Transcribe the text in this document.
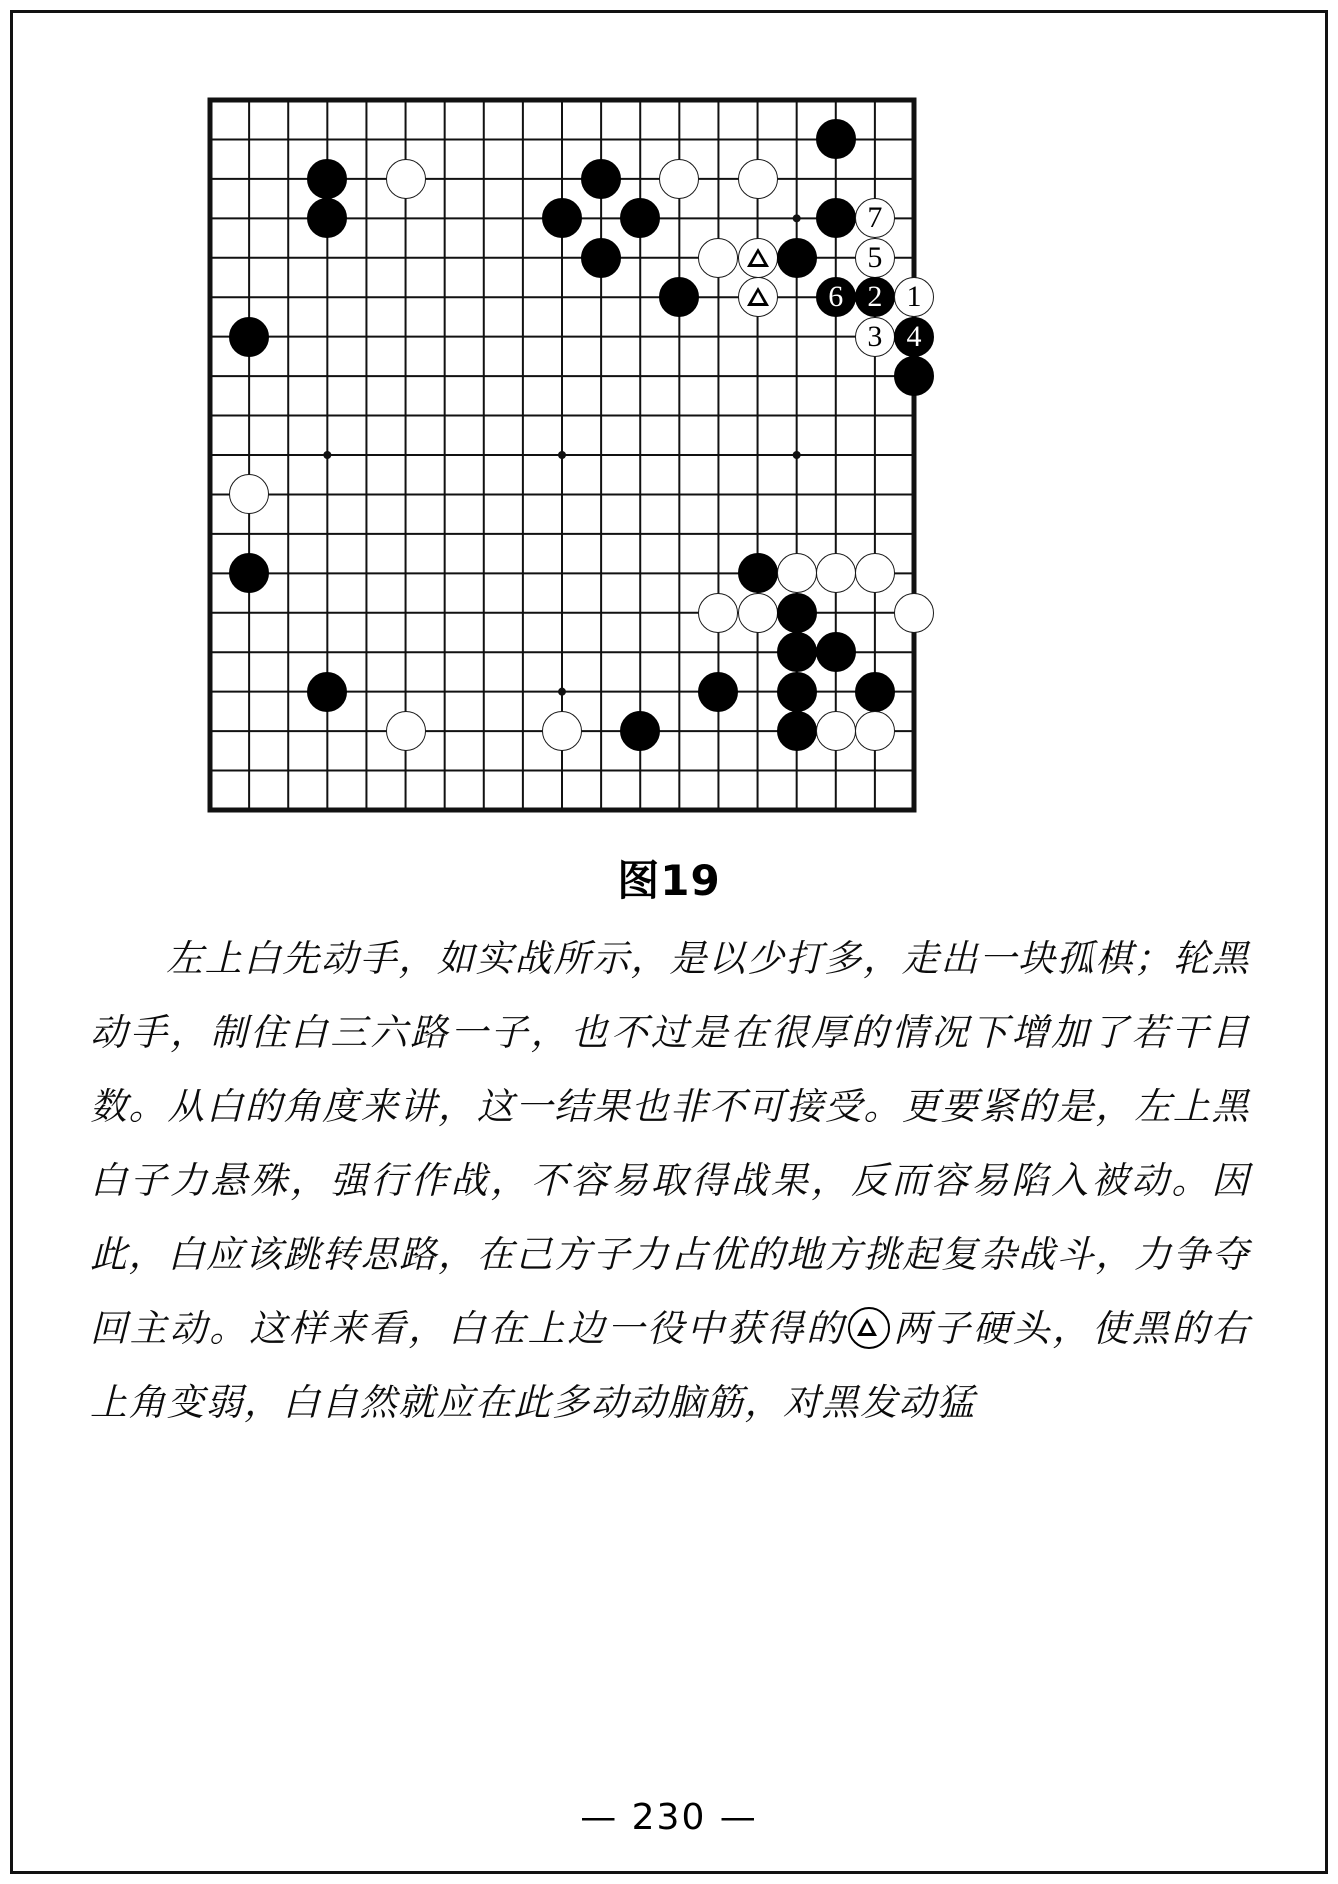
7
5
6 2 1
3 4
图19

左上白先动手，如实战所示，是以少打多，走出一块孤棋；轮黑动手，制住白三六路一子，也不过是在很厚的情况下增加了若干目数。从白的角度来讲，这一结果也非不可接受。更要紧的是，左上黑白子力悬殊，强行作战，不容易取得战果，反而容易陷入被动。因此，白应该跳转思路，在己方子力占优的地方挑起复杂战斗，力争夺回主动。这样来看，白在上边一役中获得的 两子硬头，使黑的右上角变弱，白自然就应在此多动动脑筋，对黑发动猛

— 230 —
